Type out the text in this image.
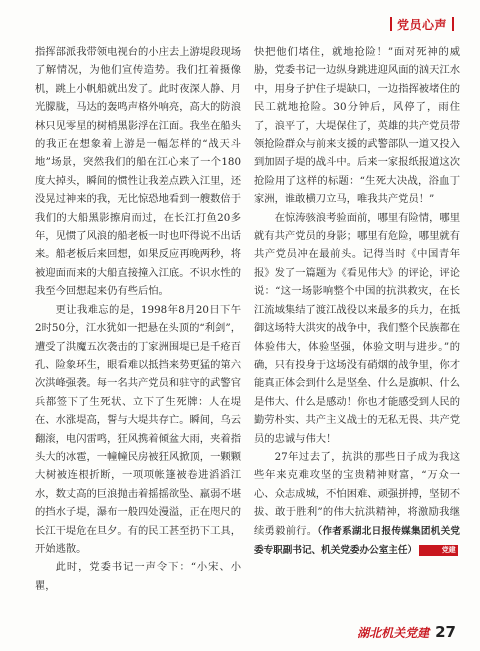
党员心声

指挥部派我带领电视台的小庄去上游堤段现场了解情况，为他们宣传造势。我们扛着摄像机，跳上小帆船就出发了。此时夜深人静、月光朦胧，马达的轰鸣声格外响亮，高大的防浪林只见零星的树梢黑影浮在江面。我坐在船头的我正在想象着上游是一幅怎样的“战天斗地”场景，突然我们的船在江心来了一个180度大掉头，瞬间的惯性让我差点跌入江里，还没晃过神来的我，无比惊恐地看到一艘数倍于我们的大船黑影擦肩而过，在长江打鱼20多年，见惯了风浪的船老板一时也吓得说不出话来。船老板后来回想，如果反应再晚两秒，将被迎面而来的大船直接撞入江底。不识水性的我至今回想起来仍有些后怕。

更让我难忘的是，1998年8月20日下午2时50分，江水犹如一把悬在头顶的“利剑”，遭受了洪魔五次袭击的丁家洲围堤已是千疮百孔、险象环生，眼看难以抵挡来势更猛的第六次洪峰强袭。每一名共产党员和驻守的武警官兵都签下了生死状、立下了生死牌：人在堤在、水涨堤高，誓与大堤共存亡。瞬间，乌云翻滚，电闪雷鸣，狂风携着倾盆大雨，夹着指头大的冰雹，一幢幢民房被狂风掀顶，一颗颗大树被连根折断，一项项帐篷被卷进滔滔江水，数丈高的巨浪抛击着摇摇欲坠、羸弱不堪的挡水子堤，瀑布一般四处漫溢，正在咫尺的长江干堤危在旦夕。有的民工甚至扔下工具，开始逃散。

此时，党委书记一声令下：“小宋、小瞿，

快把他们堵住，就地抢险！”面对死神的威胁，党委书记一边纵身跳进迎风面的汹天江水中，用身子护住子堤缺口，一边指挥被堵住的民工就地抢险。30分钟后，风停了，雨住了，浪平了，大堤保住了，英雄的共产党员带领抢险群众与前来支援的武警部队一道又投入到加固子堤的战斗中。后来一家报纸报道这次抢险用了这样的标题：“生死大决战，浴血丁家洲，谁敢横刀立马，唯我共产党员！”

在惊涛骇浪考验面前，哪里有险情，哪里就有共产党员的身影；哪里有危险，哪里就有共产党员冲在最前头。记得当时《中国青年报》发了一篇题为《看见伟大》的评论，评论说：“这一场影响整个中国的抗洪救灾，在长江流域集结了渡江战役以来最多的兵力，在抵御这场特大洪灾的战争中，我们整个民族都在体验伟大，体验坚强，体验文明与进步。”的确，只有投身于这场没有硝烟的战争里，你才能真正体会到什么是坚垒、什么是旗帜、什么是伟大、什么是感动！你也才能感受到人民的勤劳朴实、共产主义战士的无私无畏、共产党员的忠诚与伟大！

27年过去了，抗洪的那些日子成为我这些年来克难攻坚的宝贵精神财富，“万众一心、众志成城，不怕困难、顽强拼搏，坚韧不拔、敢于胜利”的伟大抗洪精神，将激励我继续勇毅前行。（作者系湖北日报传媒集团机关党委专职副书记、机关党委办公室主任）	党建

湖北机关党建 27
